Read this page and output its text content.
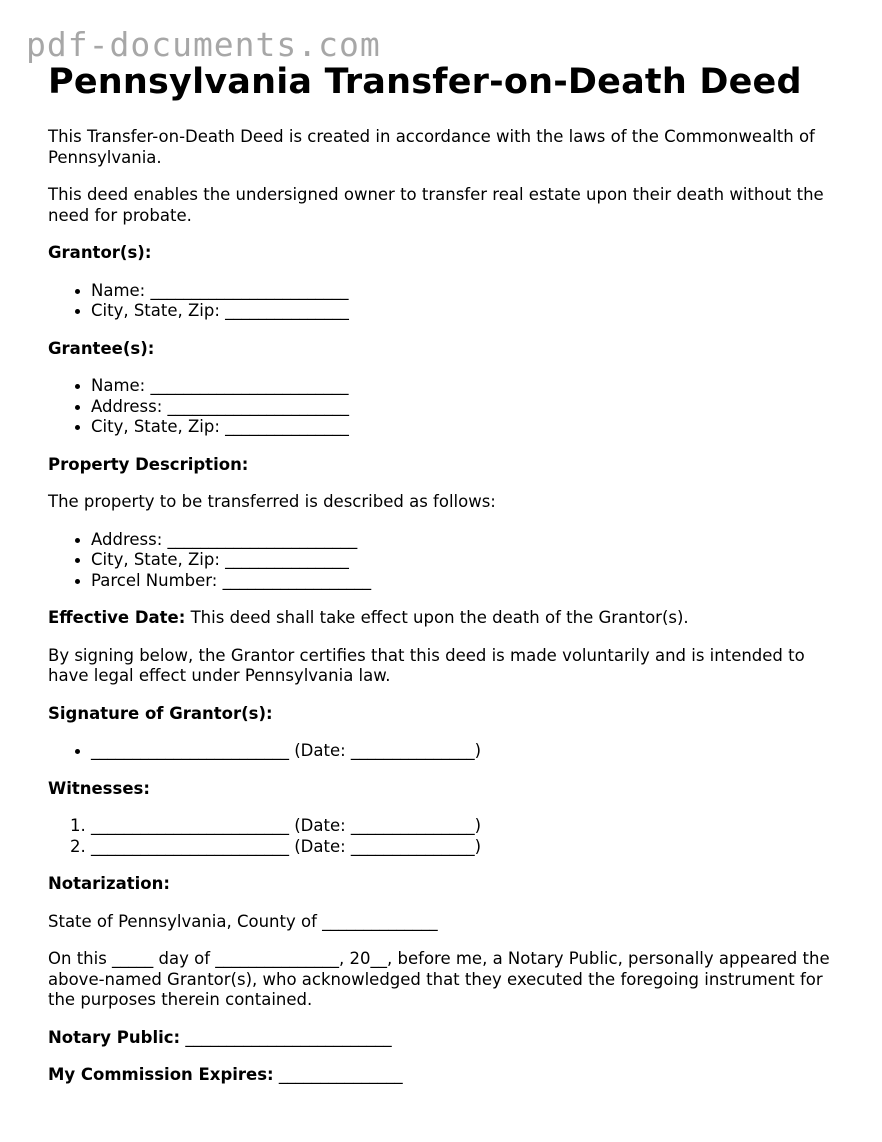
pdf-documents.com
Pennsylvania Transfer-on-Death Deed

This Transfer-on-Death Deed is created in accordance with the laws of the Commonwealth of Pennsylvania.

This deed enables the undersigned owner to transfer real estate upon their death without the need for probate.

Grantor(s):

• Name: ________________________
• City, State, Zip: _______________

Grantee(s):

• Name: ________________________
• Address: ______________________
• City, State, Zip: _______________

Property Description:

The property to be transferred is described as follows:

• Address: _______________________
• City, State, Zip: _______________
• Parcel Number: __________________

Effective Date: This deed shall take effect upon the death of the Grantor(s).

By signing below, the Grantor certifies that this deed is made voluntarily and is intended to have legal effect under Pennsylvania law.

Signature of Grantor(s):

• ________________________ (Date: _______________)

Witnesses:

1. ________________________ (Date: _______________)
2. ________________________ (Date: _______________)

Notarization:

State of Pennsylvania, County of ______________

On this _____ day of _______________, 20__, before me, a Notary Public, personally appeared the above-named Grantor(s), who acknowledged that they executed the foregoing instrument for the purposes therein contained.

Notary Public: _________________________

My Commission Expires: _______________
